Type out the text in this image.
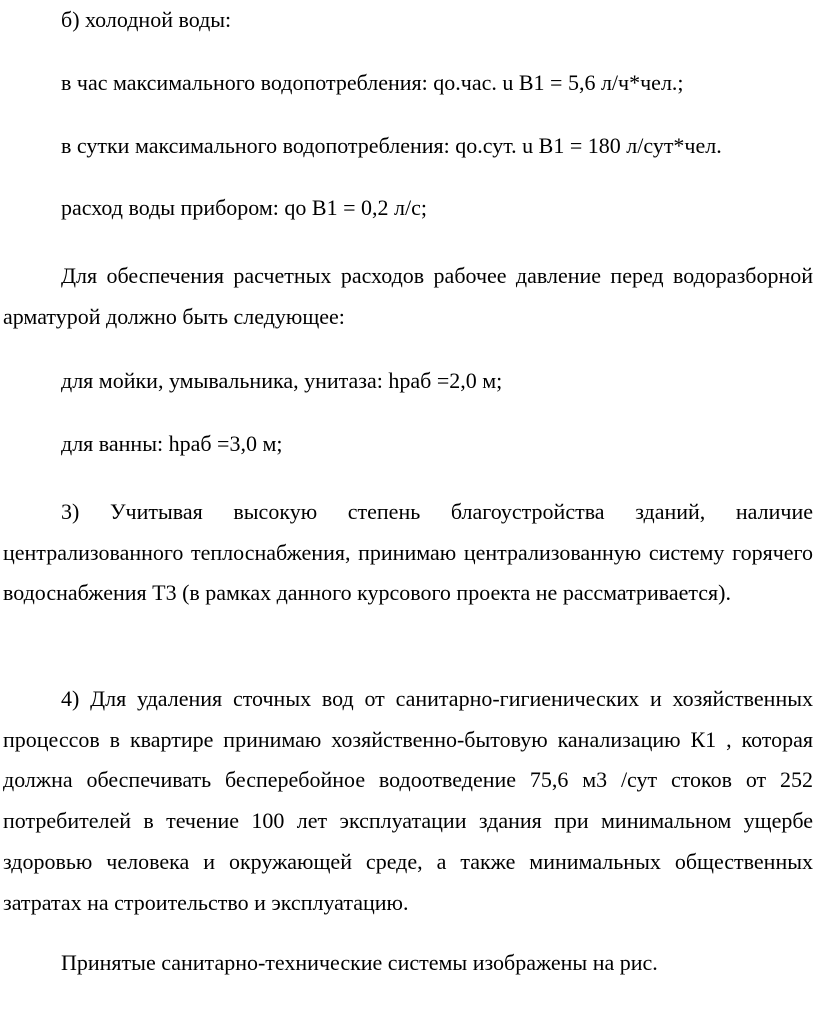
б) холодной воды:
в час максимального водопотребления: qо.час. u B1 = 5,6 л/ч*чел.;
в сутки максимального водопотребления: qо.сут. u B1 = 180 л/сут*чел.
расход воды прибором: qо B1 = 0,2 л/с;
Для обеспечения расчетных расходов рабочее давление перед водоразборной арматурой должно быть следующее:
для мойки, умывальника, унитаза: hраб =2,0 м;
для ванны: hраб =3,0 м;
3) Учитывая высокую степень благоустройства зданий, наличие централизованного теплоснабжения, принимаю централизованную систему горячего водоснабжения Т3 (в рамках данного курсового проекта не рассматривается).
4) Для удаления сточных вод от санитарно-гигиенических и хозяйственных процессов в квартире принимаю хозяйственно-бытовую канализацию К1 , которая должна обеспечивать бесперебойное водоотведение 75,6 м3 /сут стоков от 252 потребителей в течение 100 лет эксплуатации здания при минимальном ущербе здоровью человека и окружающей среде, а также минимальных общественных затратах на строительство и эксплуатацию.
Принятые санитарно-технические системы изображены на рис.
